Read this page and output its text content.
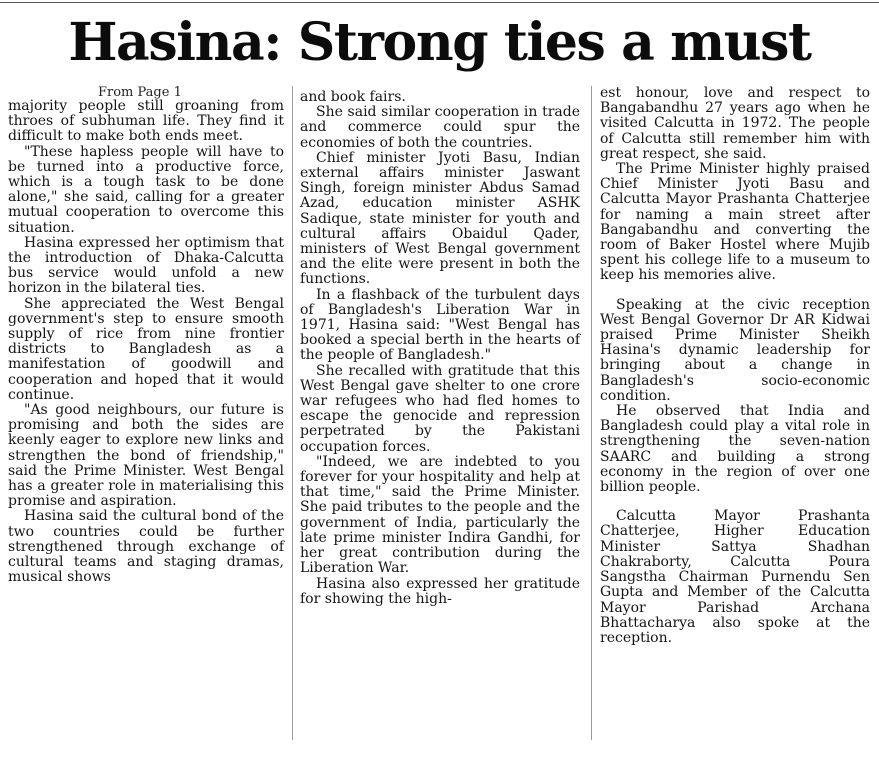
Hasina: Strong ties a must
From Page 1

majority people still groaning from throes of subhuman life. They find it difficult to make both ends meet.

"These hapless people will have to be turned into a productive force, which is a tough task to be done alone," she said, calling for a greater mutual cooperation to overcome this situation.

Hasina expressed her optimism that the introduction of Dhaka-Calcutta bus service would unfold a new horizon in the bilateral ties.

She appreciated the West Bengal government's step to ensure smooth supply of rice from nine frontier districts to Bangladesh as a manifestation of goodwill and cooperation and hoped that it would continue.

"As good neighbours, our future is promising and both the sides are keenly eager to explore new links and strengthen the bond of friendship," said the Prime Minister. West Bengal has a greater role in materialising this promise and aspiration.

Hasina said the cultural bond of the two countries could be further strengthened through exchange of cultural teams and staging dramas, musical shows

and book fairs.

She said similar cooperation in trade and commerce could spur the economies of both the countries.

Chief minister Jyoti Basu, Indian external affairs minister Jaswant Singh, foreign minister Abdus Samad Azad, education minister ASHK Sadique, state minister for youth and cultural affairs Obaidul Qader, ministers of West Bengal government and the elite were present in both the functions.

In a flashback of the turbulent days of Bangladesh's Liberation War in 1971, Hasina said: "West Bengal has booked a special berth in the hearts of the people of Bangladesh."

She recalled with gratitude that this West Bengal gave shelter to one crore war refugees who had fled homes to escape the genocide and repression perpetrated by the Pakistani occupation forces.

"Indeed, we are indebted to you forever for your hospitality and help at that time," said the Prime Minister. She paid tributes to the people and the government of India, particularly the late prime minister Indira Gandhi, for her great contribution during the Liberation War.

Hasina also expressed her gratitude for showing the high-

est honour, love and respect to Bangabandhu 27 years ago when he visited Calcutta in 1972. The people of Calcutta still remember him with great respect, she said.

The Prime Minister highly praised Chief Minister Jyoti Basu and Calcutta Mayor Prashanta Chatterjee for naming a main street after Bangabandhu and converting the room of Baker Hostel where Mujib spent his college life to a museum to keep his memories alive.

Speaking at the civic reception West Bengal Governor Dr AR Kidwai praised Prime Minister Sheikh Hasina's dynamic leadership for bringing about a change in Bangladesh's socio-economic condition.

He observed that India and Bangladesh could play a vital role in strengthening the seven-nation SAARC and building a strong economy in the region of over one billion people.

Calcutta Mayor Prashanta Chatterjee, Higher Education Minister Sattya Shadhan Chakraborty, Calcutta Poura Sangstha Chairman Purnendu Sen Gupta and Member of the Calcutta Mayor Parishad Archana Bhattacharya also spoke at the reception.
